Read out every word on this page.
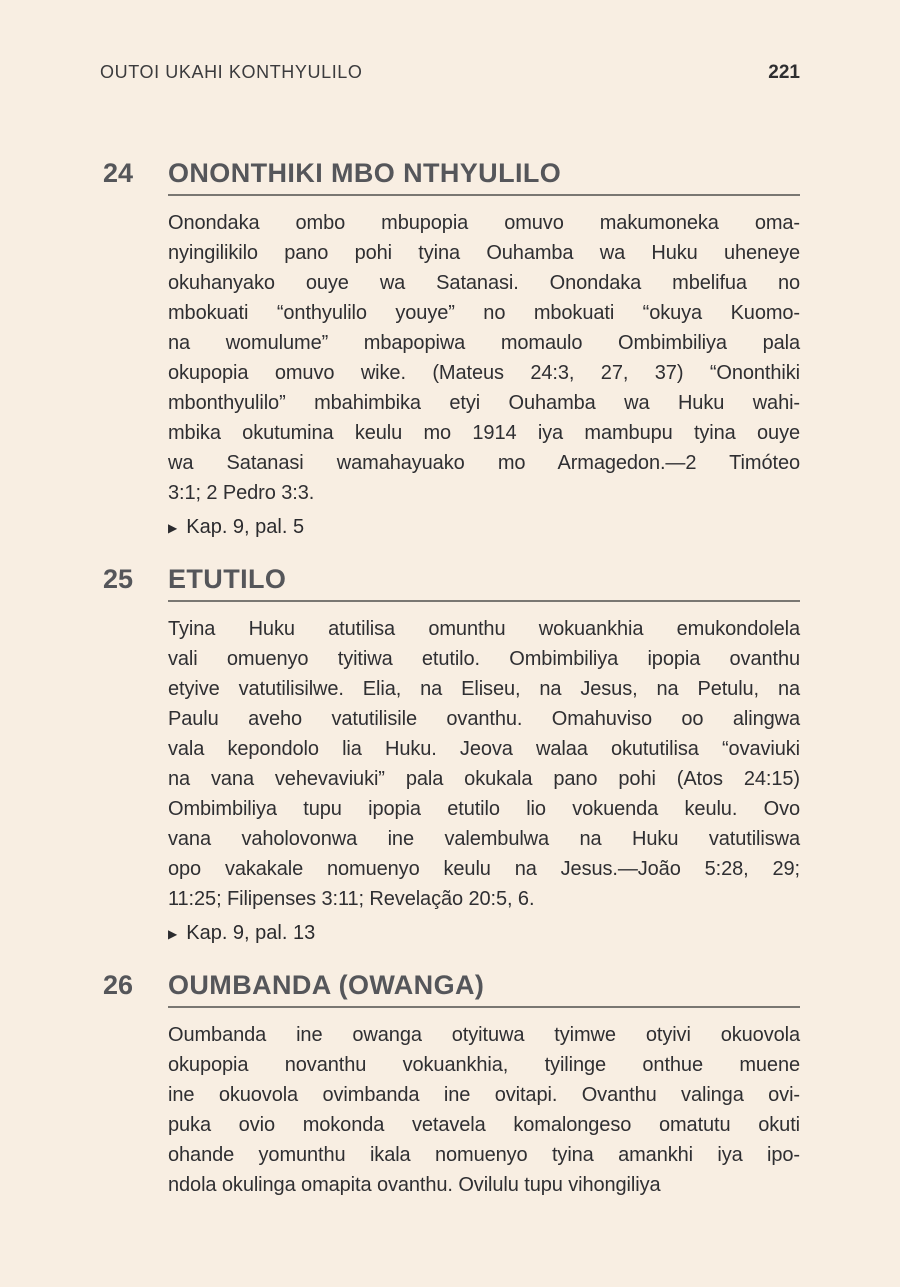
OUTOI UKAHI KONTHYULILO	221
24	ONONTHIKI MBO NTHYULILO
Onondaka ombo mbupopia omuvo makumoneka oma-
nyingilikilo pano pohi tyina Ouhamba wa Huku uheneye
okuhanyako ouye wa Satanasi. Onondaka mbelifua no
mbokuati “onthyulilo youye” no mbokuati “okuya Kuomo-
na womulume” mbapopiwa momaulo Ombimbiliya pala
okupopia omuvo wike. (Mateus 24:3, 27, 37) “Ononthiki
mbonthyulilo” mbahimbika etyi Ouhamba wa Huku wahi-
mbika okutumina keulu mo 1914 iya mambupu tyina ouye
wa Satanasi wamahayuako mo Armagedon.—2 Timóteo
3:1; 2 Pedro 3:3.
▶ Kap. 9, pal. 5
25	ETUTILO
Tyina Huku atutilisa omunthu wokuankhia emukondolela
vali omuenyo tyitiwa etutilo. Ombimbiliya ipopia ovanthu
etyive vatutilisilwe. Elia, na Eliseu, na Jesus, na Petulu, na
Paulu aveho vatutilisile ovanthu. Omahuviso oo alingwa
vala kepondolo lia Huku. Jeova walaa okututilisa “ovaviuki
na vana vehevaviuki” pala okukala pano pohi (Atos 24:15)
Ombimbiliya tupu ipopia etutilo lio vokuenda keulu. Ovo
vana vaholovonwa ine valembulwa na Huku vatutiliswa
opo vakakale nomuenyo keulu na Jesus.—João 5:28, 29;
11:25; Filipenses 3:11; Revelação 20:5, 6.
▶ Kap. 9, pal. 13
26	OUMBANDA (OWANGA)
Oumbanda ine owanga otyituwa tyimwe otyivi okuovola
okupopia novanthu vokuankhia, tyilinge onthue muene
ine okuovola ovimbanda ine ovitapi. Ovanthu valinga ovi-
puka ovio mokonda vetavela komalongeso omatutu okuti
ohande yomunthu ikala nomuenyo tyina amankhi iya ipo-
ndola okulinga omapita ovanthu. Ovilulu tupu vihongiliya
